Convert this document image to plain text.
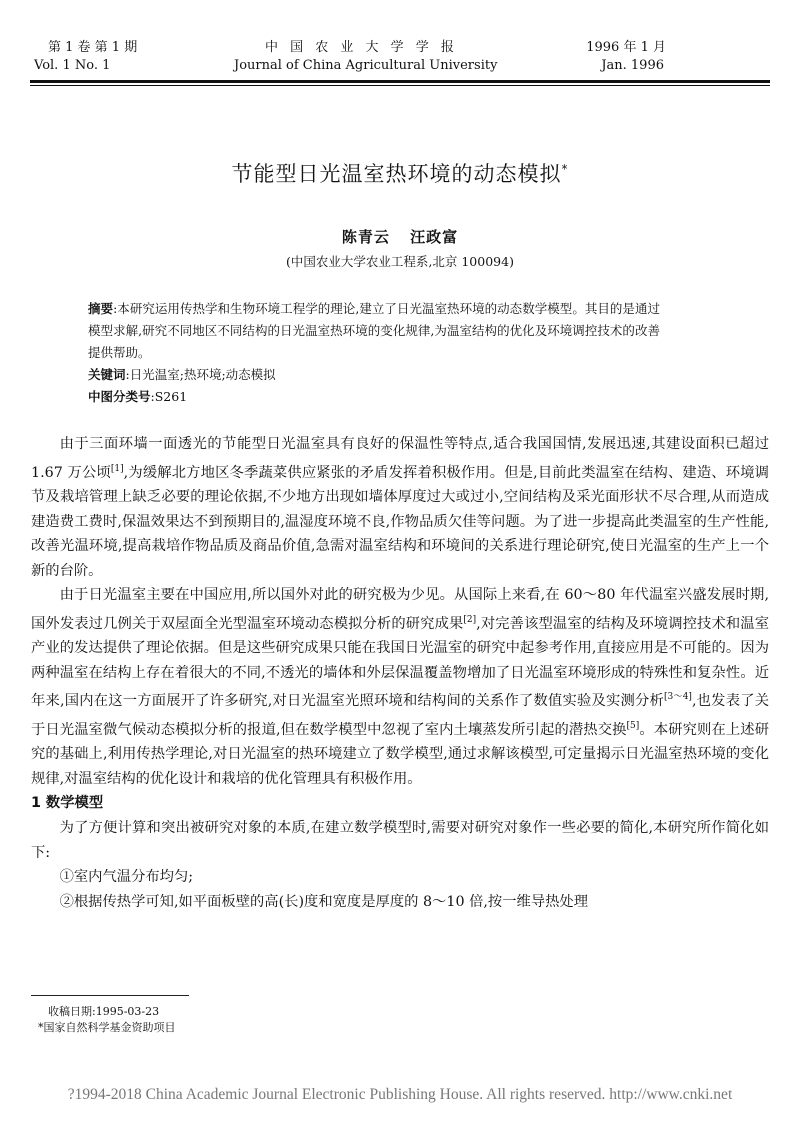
第 1 卷 第 1 期
Vol. 1 No. 1
中 国 农 业 大 学 学 报
Journal of China Agricultural University
1996 年 1 月
Jan. 1996
节能型日光温室热环境的动态模拟*
陈青云 汪政富
(中国农业大学农业工程系,北京 100094)

摘要:本研究运用传热学和生物环境工程学的理论,建立了日光温室热环境的动态数学模型。其目的是通过模型求解,研究不同地区不同结构的日光温室热环境的变化规律,为温室结构的优化及环境调控技术的改善提供帮助。

关键词:日光温室;热环境;动态模拟

中图分类号:S261

由于三面环墙一面透光的节能型日光温室具有良好的保温性等特点,适合我国国情,发展迅速,其建设面积已超过 1.67 万公顷[1],为缓解北方地区冬季蔬菜供应紧张的矛盾发挥着积极作用。但是,目前此类温室在结构、建造、环境调节及栽培管理上缺乏必要的理论依据,不少地方出现如墙体厚度过大或过小,空间结构及采光面形状不尽合理,从而造成建造费工费时,保温效果达不到预期目的,温湿度环境不良,作物品质欠佳等问题。为了进一步提高此类温室的生产性能,改善光温环境,提高栽培作物品质及商品价值,急需对温室结构和环境间的关系进行理论研究,使日光温室的生产上一个新的台阶。

由于日光温室主要在中国应用,所以国外对此的研究极为少见。从国际上来看,在 60～80 年代温室兴盛发展时期,国外发表过几例关于双屋面全光型温室环境动态模拟分析的研究成果[2],对完善该型温室的结构及环境调控技术和温室产业的发达提供了理论依据。但是这些研究成果只能在我国日光温室的研究中起参考作用,直接应用是不可能的。因为两种温室在结构上存在着很大的不同,不透光的墙体和外层保温覆盖物增加了日光温室环境形成的特殊性和复杂性。近年来,国内在这一方面展开了许多研究,对日光温室光照环境和结构间的关系作了数值实验及实测分析[3～4],也发表了关于日光温室微气候动态模拟分析的报道,但在数学模型中忽视了室内土壤蒸发所引起的潜热交换[5]。本研究则在上述研究的基础上,利用传热学理论,对日光温室的热环境建立了数学模型,通过求解该模型,可定量揭示日光温室热环境的变化规律,对温室结构的优化设计和栽培的优化管理具有积极作用。

1 数学模型

为了方便计算和突出被研究对象的本质,在建立数学模型时,需要对研究对象作一些必要的简化,本研究所作简化如下:

①室内气温分布均匀;

②根据传热学可知,如平面板壁的高(长)度和宽度是厚度的 8～10 倍,按一维导热处理

收稿日期:1995-03-23

*国家自然科学基金资助项目

?1994-2018 China Academic Journal Electronic Publishing House. All rights reserved. http://www.cnki.net
